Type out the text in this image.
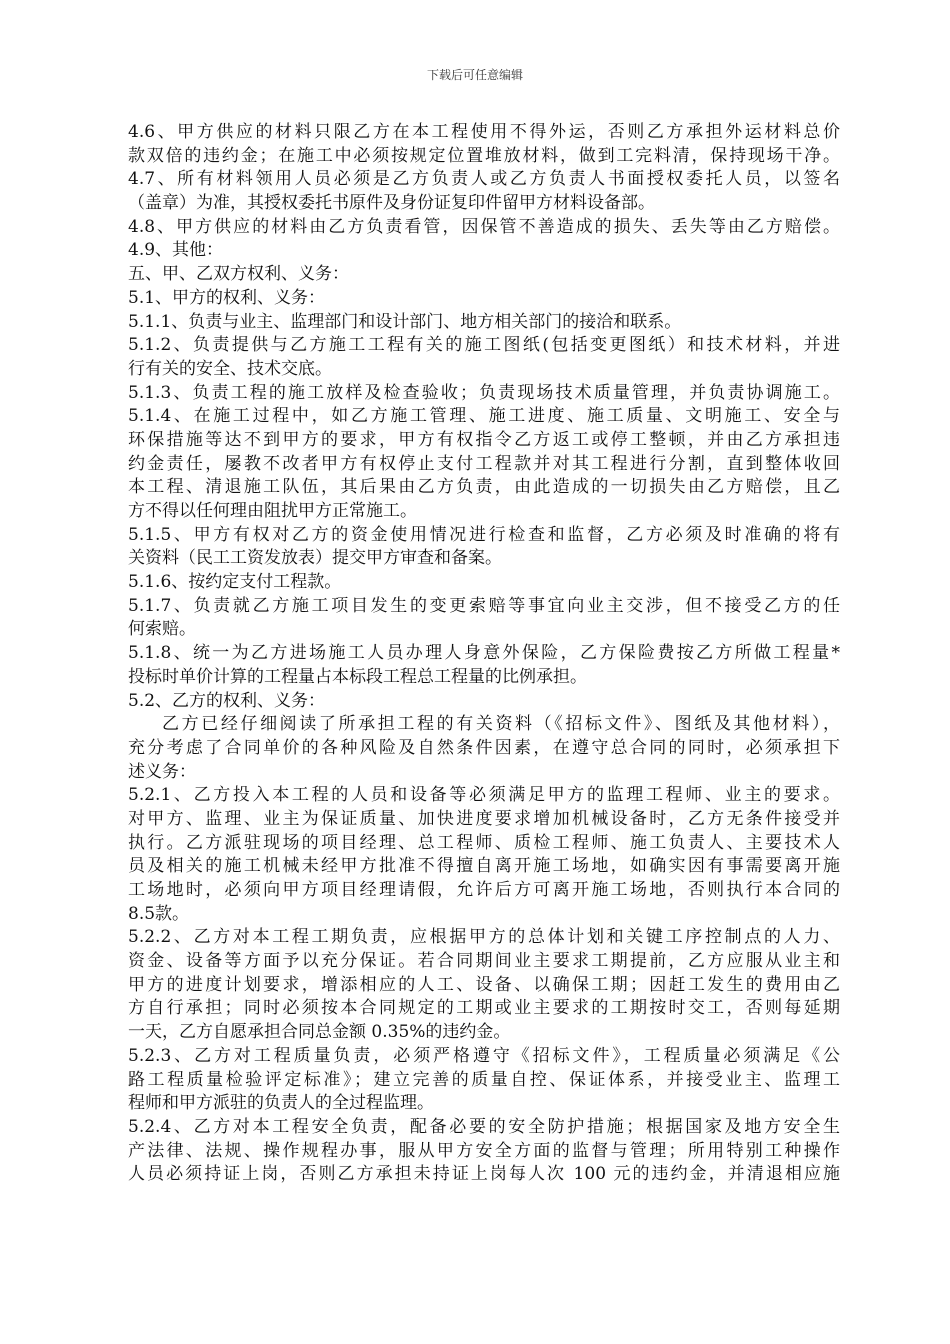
下载后可任意编辑
4.6、甲方供应的材料只限乙方在本工程使用不得外运，否则乙方承担外运材料总价
款双倍的违约金；在施工中必须按规定位置堆放材料，做到工完料清，保持现场干净。
4.7、所有材料领用人员必须是乙方负责人或乙方负责人书面授权委托人员，以签名
（盖章）为准，其授权委托书原件及身份证复印件留甲方材料设备部。
4.8、甲方供应的材料由乙方负责看管，因保管不善造成的损失、丢失等由乙方赔偿。
4.9、其他：
五、甲、乙双方权利、义务：
5.1、甲方的权利、义务：
5.1.1、负责与业主、监理部门和设计部门、地方相关部门的接洽和联系。
5.1.2、负责提供与乙方施工工程有关的施工图纸(包括变更图纸）和技术材料，并进
行有关的安全、技术交底。
5.1.3、负责工程的施工放样及检查验收；负责现场技术质量管理，并负责协调施工。
5.1.4、在施工过程中，如乙方施工管理、施工进度、施工质量、文明施工、安全与
环保措施等达不到甲方的要求，甲方有权指令乙方返工或停工整顿，并由乙方承担违
约金责任，屡教不改者甲方有权停止支付工程款并对其工程进行分割，直到整体收回
本工程、清退施工队伍，其后果由乙方负责，由此造成的一切损失由乙方赔偿，且乙
方不得以任何理由阻扰甲方正常施工。
5.1.5、甲方有权对乙方的资金使用情况进行检查和监督，乙方必须及时准确的将有
关资料（民工工资发放表）提交甲方审查和备案。
5.1.6、按约定支付工程款。
5.1.7、负责就乙方施工项目发生的变更索赔等事宜向业主交涉，但不接受乙方的任
何索赔。
5.1.8、统一为乙方进场施工人员办理人身意外保险，乙方保险费按乙方所做工程量*
投标时单价计算的工程量占本标段工程总工程量的比例承担。
5.2、乙方的权利、义务：
乙方已经仔细阅读了所承担工程的有关资料（《招标文件》、图纸及其他材料），
充分考虑了合同单价的各种风险及自然条件因素，在遵守总合同的同时，必须承担下
述义务：
5.2.1、乙方投入本工程的人员和设备等必须满足甲方的监理工程师、业主的要求。
对甲方、监理、业主为保证质量、加快进度要求增加机械设备时，乙方无条件接受并
执行。乙方派驻现场的项目经理、总工程师、质检工程师、施工负责人、主要技术人
员及相关的施工机械未经甲方批准不得擅自离开施工场地，如确实因有事需要离开施
工场地时，必须向甲方项目经理请假，允许后方可离开施工场地，否则执行本合同的
8.5款。
5.2.2、乙方对本工程工期负责，应根据甲方的总体计划和关键工序控制点的人力、
资金、设备等方面予以充分保证。若合同期间业主要求工期提前，乙方应服从业主和
甲方的进度计划要求，增添相应的人工、设备、以确保工期；因赶工发生的费用由乙
方自行承担；同时必须按本合同规定的工期或业主要求的工期按时交工，否则每延期
一天，乙方自愿承担合同总金额 0.35%的违约金。
5.2.3、乙方对工程质量负责，必须严格遵守《招标文件》，工程质量必须满足《公
路工程质量检验评定标准》；建立完善的质量自控、保证体系，并接受业主、监理工
程师和甲方派驻的负责人的全过程监理。
5.2.4、乙方对本工程安全负责，配备必要的安全防护措施；根据国家及地方安全生
产法律、法规、操作规程办事，服从甲方安全方面的监督与管理；所用特别工种操作
人员必须持证上岗，否则乙方承担未持证上岗每人次 100 元的违约金，并清退相应施
